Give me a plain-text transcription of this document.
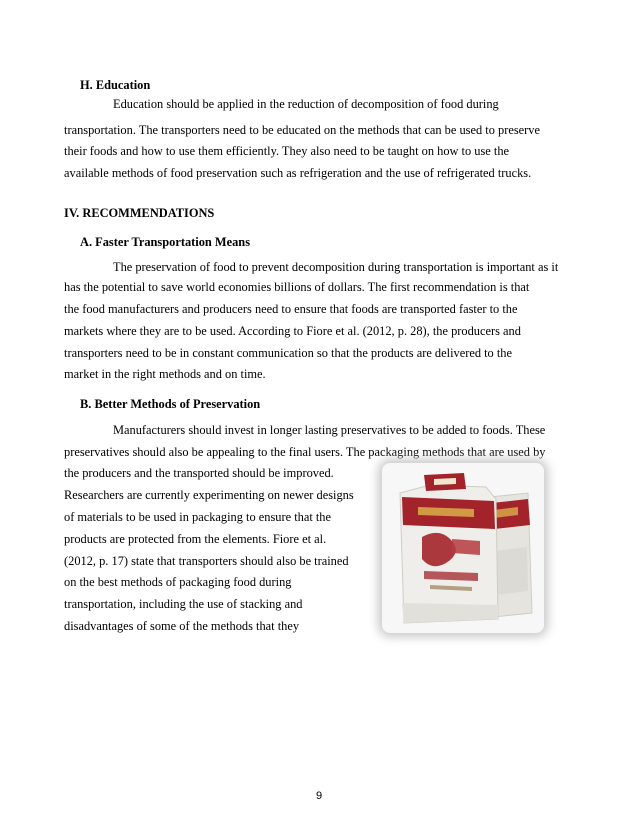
H. Education
Education should be applied in the reduction of decomposition of food during
transportation. The transporters need to be educated on the methods that can be used to preserve
their foods and how to use them efficiently. They also need to be taught on how to use the
available methods of food preservation such as refrigeration and the use of refrigerated trucks.
IV. RECOMMENDATIONS
A. Faster Transportation Means
The preservation of food to prevent decomposition during transportation is important as it
has the potential to save world economies billions of dollars. The first recommendation is that
the food manufacturers and producers need to ensure that foods are transported faster to the
markets where they are to be used. According to Fiore et al. (2012, p. 28), the producers and
transporters need to be in constant communication so that the products are delivered to the
market in the right methods and on time.
B. Better Methods of Preservation
Manufacturers should invest in longer lasting preservatives to be added to foods. These
preservatives should also be appealing to the final users. The packaging methods that are used by
the producers and the transported should be improved.
Researchers are currently experimenting on newer designs
of materials to be used in packaging to ensure that the
products are protected from the elements. Fiore et al.
(2012, p. 17) state that transporters should also be trained
on the best methods of packaging food during
transportation, including the use of stacking and
disadvantages of some of the methods that they
9
